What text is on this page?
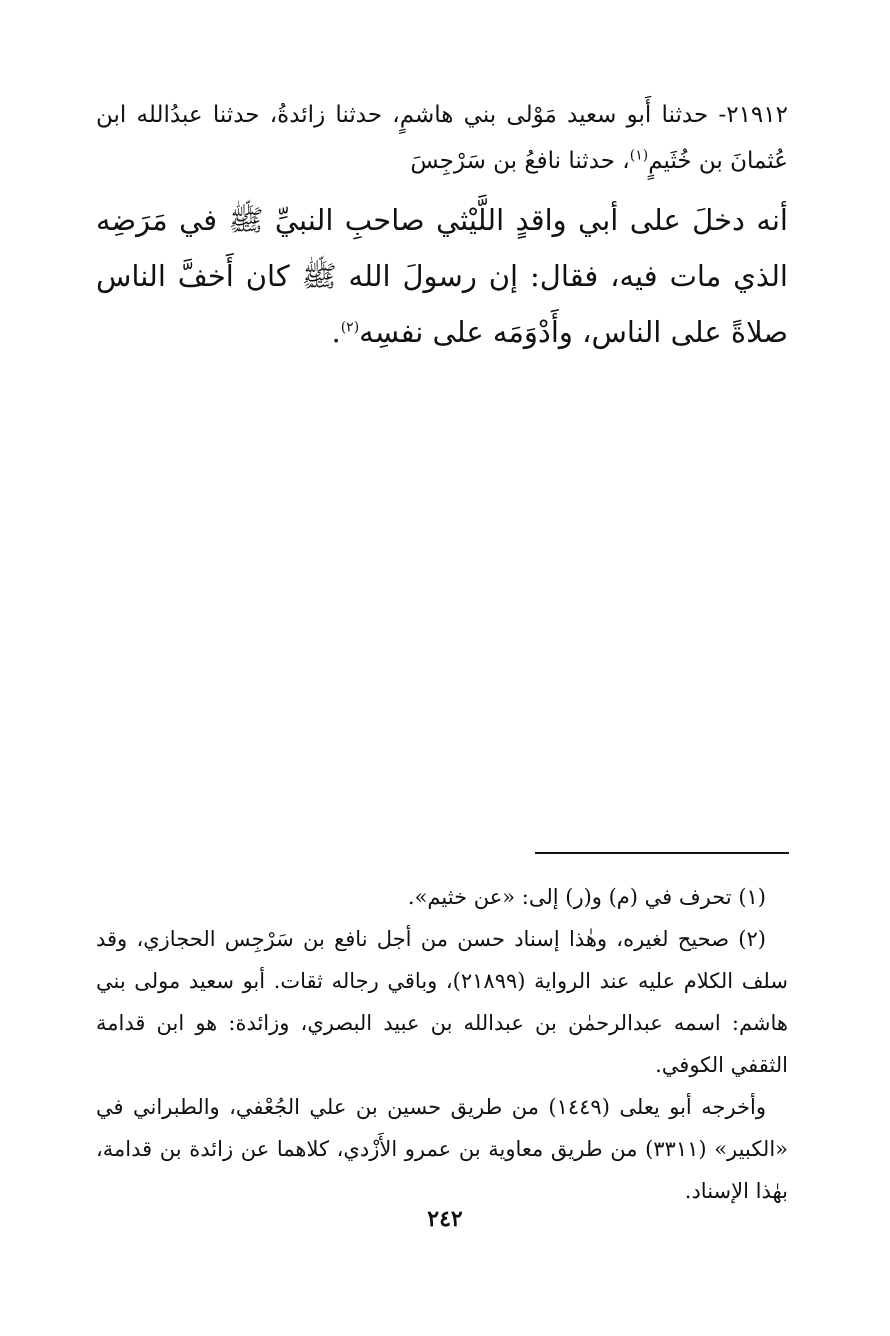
٢١٩١٢- حدثنا أَبو سعيد مَوْلى بني هاشمٍ، حدثنا زائدةُ، حدثنا عبدُالله ابن عُثمانَ بن خُثَيمٍ$^{(١)}$، حدثنا نافعُ بن سَرْجِسَ
أنه دخلَ على أبي واقدٍ اللَّيْثي صاحبِ النبيِّ ﷺ في مَرَضِه الذي مات فيه، فقال: إن رسولَ الله ﷺ كان أَخفَّ الناس صلاةً على الناس، وأَدْوَمَه على نفسِه$^{(٢)}$.

(١) تحرف في (م) و(ر) إلى: «عن خثيم».

(٢) صحيح لغيره، وهٰذا إسناد حسن من أجل نافع بن سَرْجِس الحجازي، وقد سلف الكلام عليه عند الرواية (٢١٨٩٩)، وباقي رجاله ثقات. أبو سعيد مولى بني هاشم: اسمه عبدالرحمٰن بن عبدالله بن عبيد البصري، وزائدة: هو ابن قدامة الثقفي الكوفي.

وأخرجه أبو يعلى (١٤٤٩) من طريق حسين بن علي الجُعْفي، والطبراني في «الكبير» (٣٣١١) من طريق معاوية بن عمرو الأَزْدي، كلاهما عن زائدة بن قدامة، بهٰذا الإسناد.

٢٤٢
